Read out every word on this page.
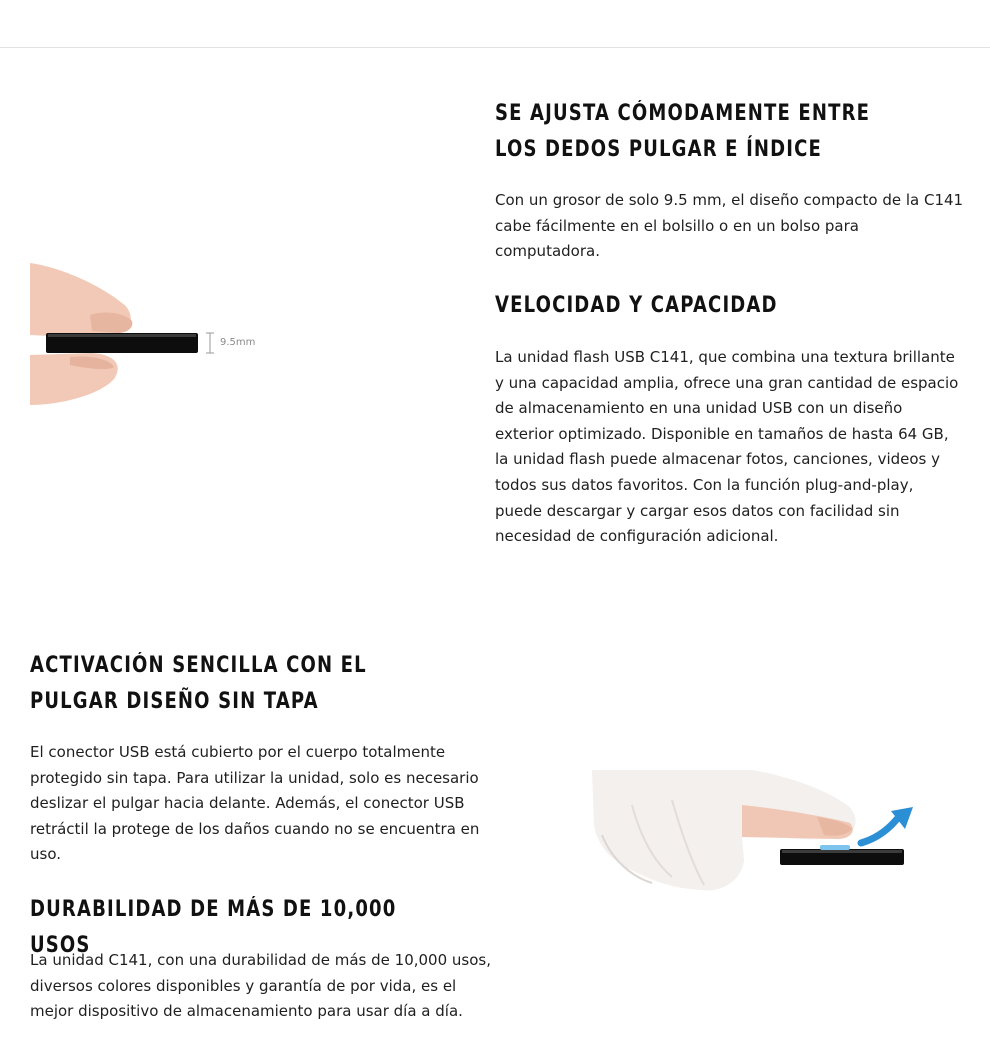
9.5mm
SE AJUSTA CÓMODAMENTE ENTRE LOS DEDOS PULGAR E ÍNDICE

Con un grosor de solo 9.5 mm, el diseño compacto de la C141 cabe fácilmente en el bolsillo o en un bolso para computadora.

VELOCIDAD Y CAPACIDAD

La unidad flash USB C141, que combina una textura brillante y una capacidad amplia, ofrece una gran cantidad de espacio de almacenamiento en una unidad USB con un diseño exterior optimizado. Disponible en tamaños de hasta 64 GB, la unidad flash puede almacenar fotos, canciones, videos y todos sus datos favoritos. Con la función plug-and-play, puede descargar y cargar esos datos con facilidad sin necesidad de configuración adicional.

ACTIVACIÓN SENCILLA CON EL PULGAR DISEÑO SIN TAPA

El conector USB está cubierto por el cuerpo totalmente protegido sin tapa. Para utilizar la unidad, solo es necesario deslizar el pulgar hacia delante. Además, el conector USB retráctil la protege de los daños cuando no se encuentra en uso.

DURABILIDAD DE MÁS DE 10,000 USOS

La unidad C141, con una durabilidad de más de 10,000 usos, diversos colores disponibles y garantía de por vida, es el mejor dispositivo de almacenamiento para usar día a día.
